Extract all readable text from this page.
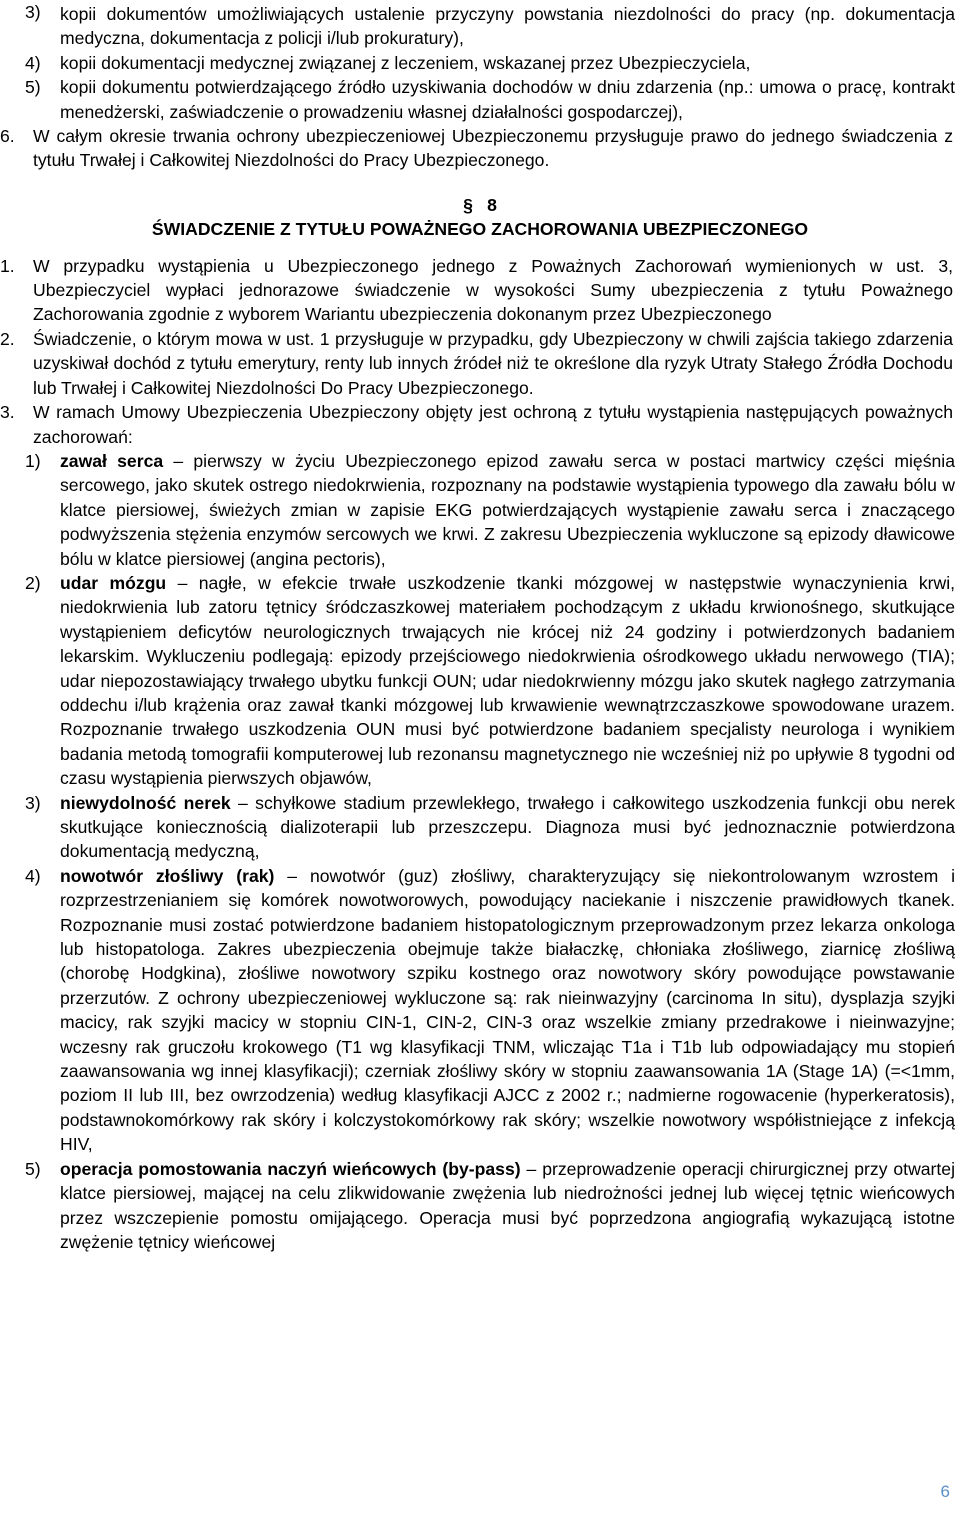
3) kopii dokumentów umożliwiających ustalenie przyczyny powstania niezdolności do pracy (np. dokumentacja medyczna, dokumentacja z policji i/lub prokuratury),
4) kopii dokumentacji medycznej związanej z leczeniem, wskazanej przez Ubezpieczyciela,
5) kopii dokumentu potwierdzającego źródło uzyskiwania dochodów w dniu zdarzenia (np.: umowa o pracę, kontrakt menedżerski, zaświadczenie o prowadzeniu własnej działalności gospodarczej),
6. W całym okresie trwania ochrony ubezpieczeniowej Ubezpieczonemu przysługuje prawo do jednego świadczenia z tytułu Trwałej i Całkowitej Niezdolności do Pracy Ubezpieczonego.
§ 8
ŚWIADCZENIE Z TYTUŁU POWAŻNEGO ZACHOROWANIA UBEZPIECZONEGO
1. W przypadku wystąpienia u Ubezpieczonego jednego z Poważnych Zachorowań wymienionych w ust. 3, Ubezpieczyciel wypłaci jednorazowe świadczenie w wysokości Sumy ubezpieczenia z tytułu Poważnego Zachorowania zgodnie z wyborem Wariantu ubezpieczenia dokonanym przez Ubezpieczonego
2. Świadczenie, o którym mowa w ust. 1 przysługuje w przypadku, gdy Ubezpieczony w chwili zajścia takiego zdarzenia uzyskiwał dochód z tytułu emerytury, renty lub innych źródeł niż te określone dla ryzyk Utraty Stałego Źródła Dochodu lub Trwałej i Całkowitej Niezdolności Do Pracy Ubezpieczonego.
3. W ramach Umowy Ubezpieczenia Ubezpieczony objęty jest ochroną z tytułu wystąpienia następujących poważnych zachorowań:
1) zawał serca – pierwszy w życiu Ubezpieczonego epizod zawału serca w postaci martwicy części mięśnia sercowego, jako skutek ostrego niedokrwienia, rozpoznany na podstawie wystąpienia typowego dla zawału bólu w klatce piersiowej, świeżych zmian w zapisie EKG potwierdzających wystąpienie zawału serca i znaczącego podwyższenia stężenia enzymów sercowych we krwi. Z zakresu Ubezpieczenia wykluczone są epizody dławicowe bólu w klatce piersiowej (angina pectoris),
2) udar mózgu – nagłe, w efekcie trwałe uszkodzenie tkanki mózgowej w następstwie wynaczynienia krwi, niedokrwienia lub zatoru tętnicy śródczaszkowej materiałem pochodzącym z układu krwionośnego, skutkujące wystąpieniem deficytów neurologicznych trwających nie krócej niż 24 godziny i potwierdzonych badaniem lekarskim. Wykluczeniu podlegają: epizody przejściowego niedokrwienia ośrodkowego układu nerwowego (TIA); udar niepozostawiający trwałego ubytku funkcji OUN; udar niedokrwienny mózgu jako skutek nagłego zatrzymania oddechu i/lub krążenia oraz zawał tkanki mózgowej lub krwawienie wewnątrzczaszkowe spowodowane urazem. Rozpoznanie trwałego uszkodzenia OUN musi być potwierdzone badaniem specjalisty neurologa i wynikiem badania metodą tomografii komputerowej lub rezonansu magnetycznego nie wcześniej niż po upływie 8 tygodni od czasu wystąpienia pierwszych objawów,
3) niewydolność nerek – schyłkowe stadium przewlekłego, trwałego i całkowitego uszkodzenia funkcji obu nerek skutkujące koniecznością dializoterapii lub przeszczepu. Diagnoza musi być jednoznacznie potwierdzona dokumentacją medyczną,
4) nowotwór złośliwy (rak) – nowotwór (guz) złośliwy, charakteryzujący się niekontrolowanym wzrostem i rozprzestrzenianiem się komórek nowotworowych, powodujący naciekanie i niszczenie prawidłowych tkanek. Rozpoznanie musi zostać potwierdzone badaniem histopatologicznym przeprowadzonym przez lekarza onkologa lub histopatologa. Zakres ubezpieczenia obejmuje także białaczkę, chłoniaka złośliwego, ziarnicę złośliwą (chorobę Hodgkina), złośliwe nowotwory szpiku kostnego oraz nowotwory skóry powodujące powstawanie przerzutów. Z ochrony ubezpieczeniowej wykluczone są: rak nieinwazyjny (carcinoma In situ), dysplazja szyjki macicy, rak szyjki macicy w stopniu CIN-1, CIN-2, CIN-3 oraz wszelkie zmiany przedrakowe i nieinwazyjne; wczesny rak gruczołu krokowego (T1 wg klasyfikacji TNM, wliczając T1a i T1b lub odpowiadający mu stopień zaawansowania wg innej klasyfikacji); czerniak złośliwy skóry w stopniu zaawansowania 1A (Stage 1A) (=<1mm, poziom II lub III, bez owrzodzenia) według klasyfikacji AJCC z 2002 r.; nadmierne rogowacenie (hyperkeratosis), podstawnokomórkowy rak skóry i kolczystokomórkowy rak skóry; wszelkie nowotwory współistniejące z infekcją HIV,
5) operacja pomostowania naczyń wieńcowych (by-pass) – przeprowadzenie operacji chirurgicznej przy otwartej klatce piersiowej, mającej na celu zlikwidowanie zwężenia lub niedrożności jednej lub więcej tętnic wieńcowych przez wszczepienie pomostu omijającego. Operacja musi być poprzedzona angiografią wykazującą istotne zwężenie tętnicy wieńcowej
6
